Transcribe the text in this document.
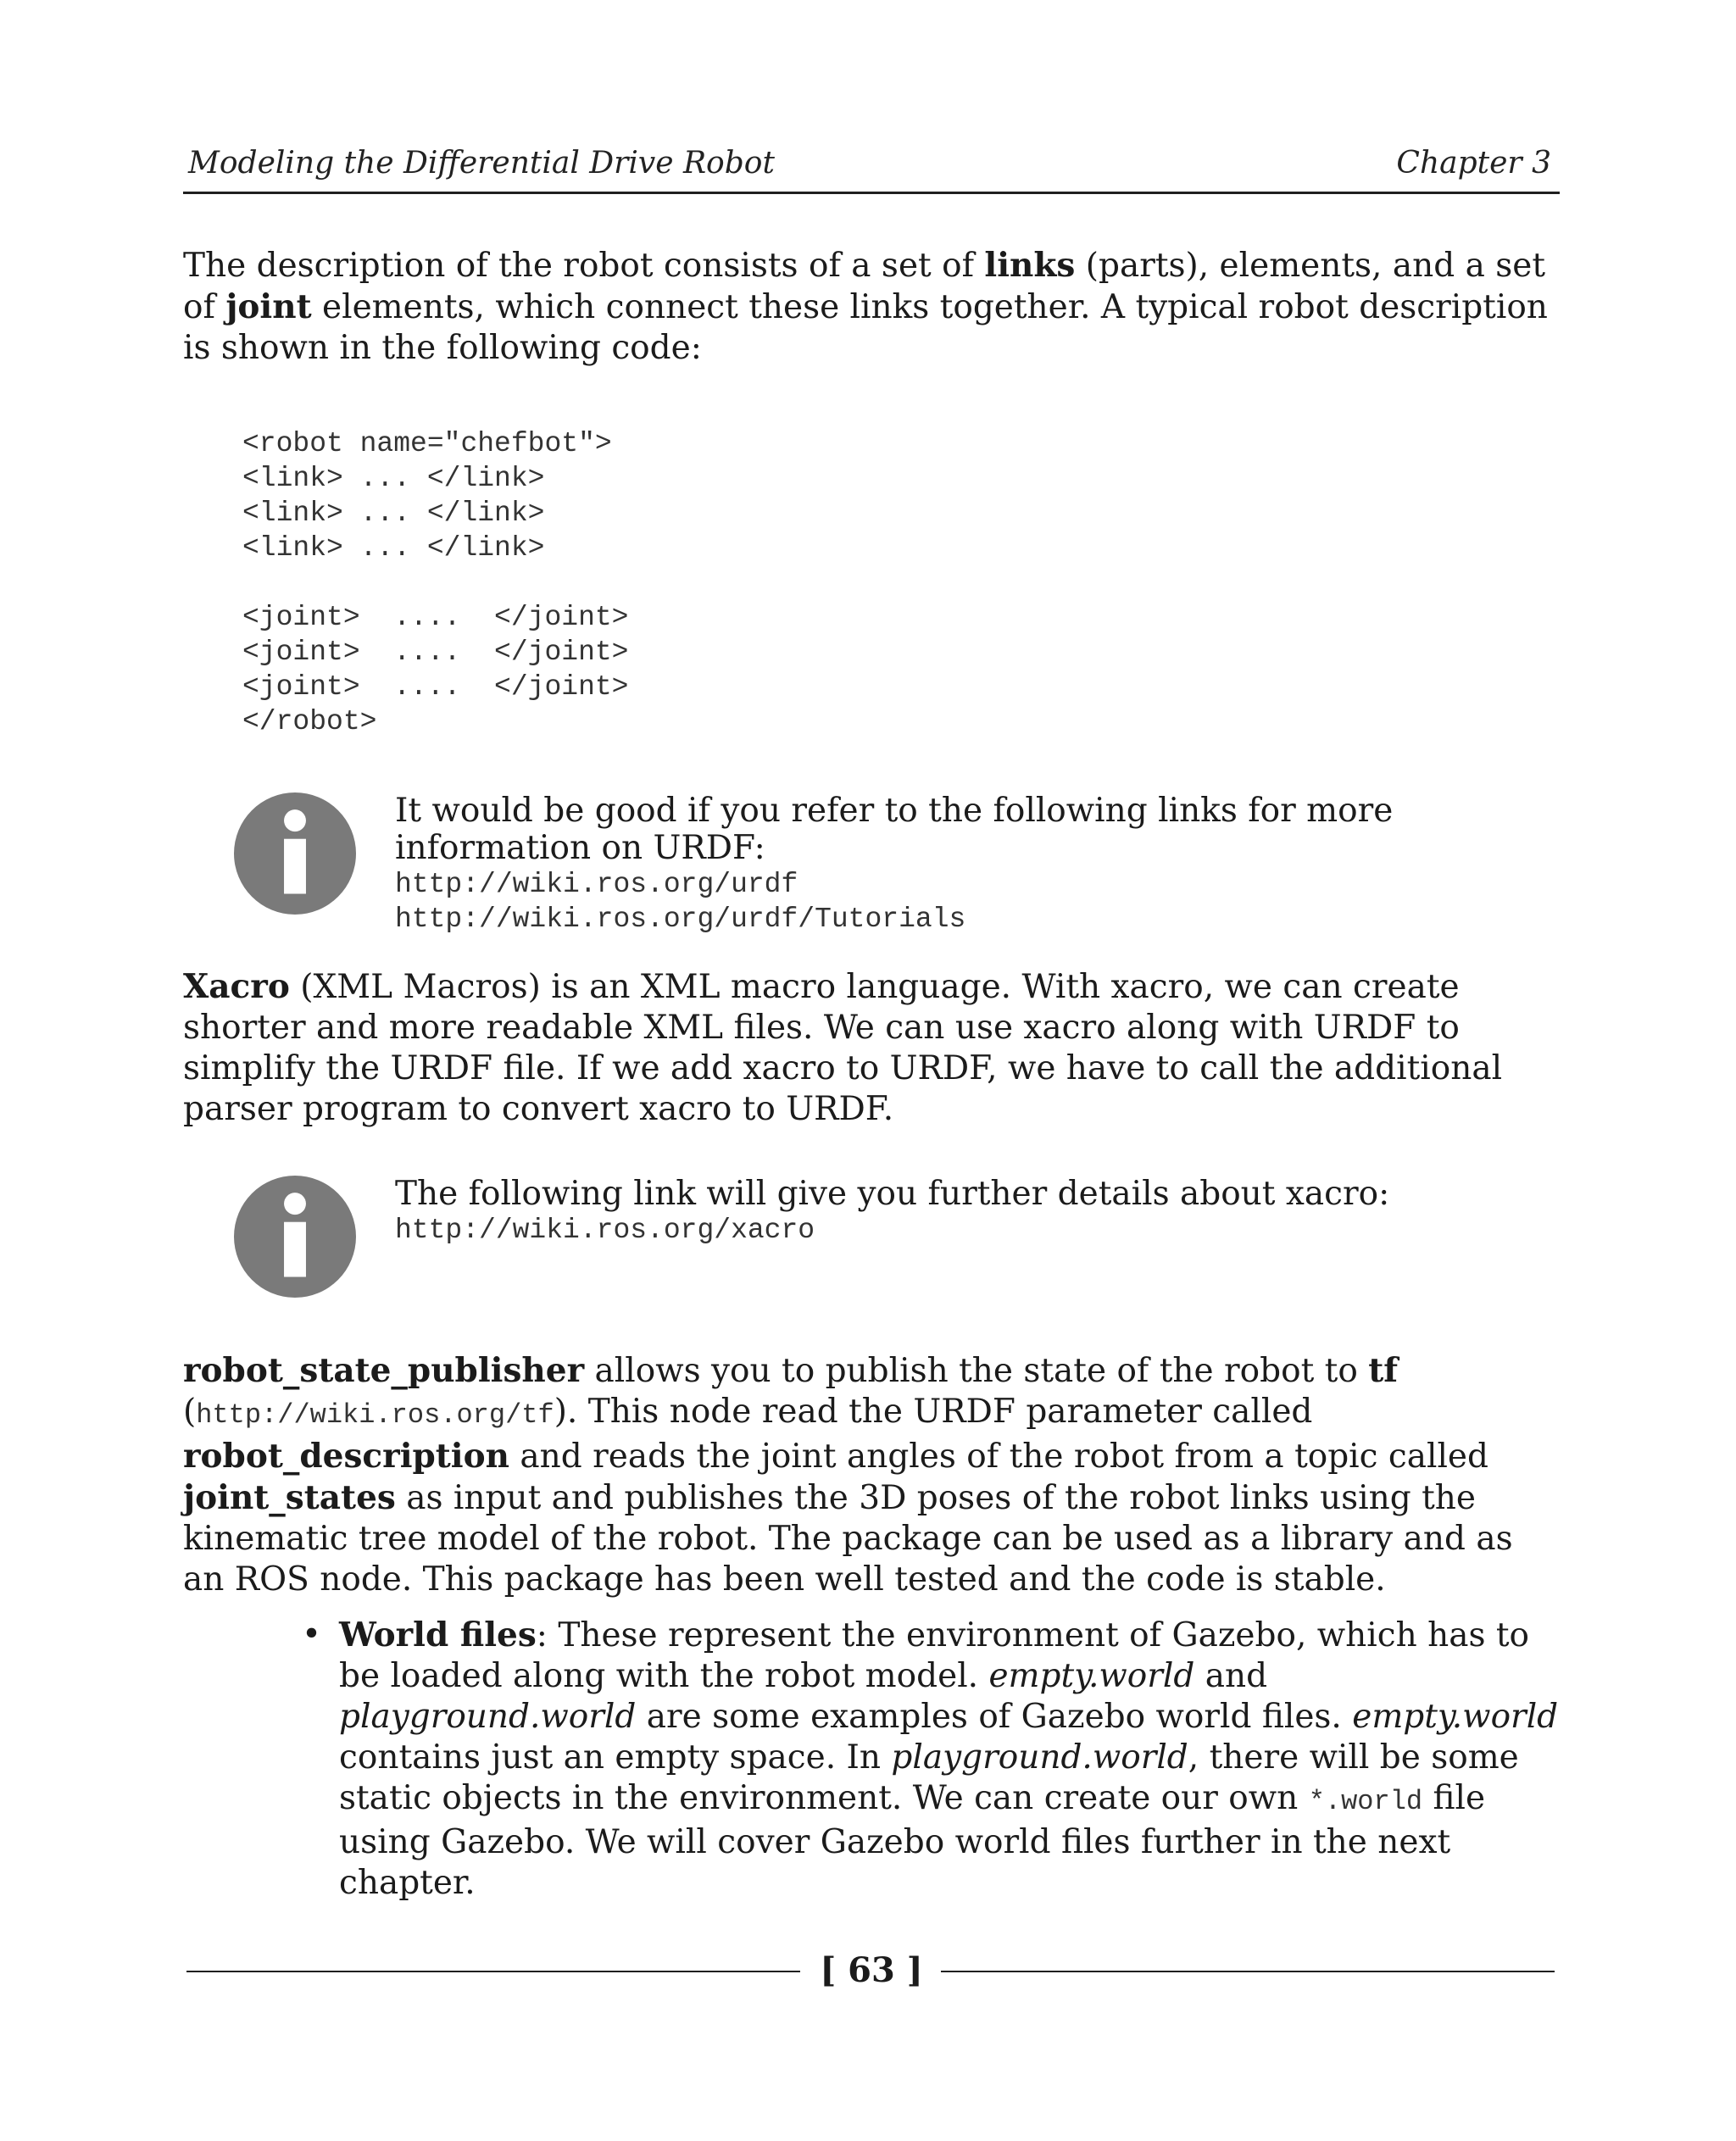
Modeling the Differential Drive Robot	Chapter 3

The description of the robot consists of a set of links (parts), elements, and a set of joint elements, which connect these links together. A typical robot description is shown in the following code:

<robot name="chefbot">
<link> ... </link>
<link> ... </link>
<link> ... </link>

<joint>  ....  </joint>
<joint>  ....  </joint>
<joint>  ....  </joint>
</robot>

It would be good if you refer to the following links for more information on URDF:

http://wiki.ros.org/urdf
http://wiki.ros.org/urdf/Tutorials

Xacro (XML Macros) is an XML macro language. With xacro, we can create shorter and more readable XML files. We can use xacro along with URDF to simplify the URDF file. If we add xacro to URDF, we have to call the additional parser program to convert xacro to URDF.

The following link will give you further details about xacro:

http://wiki.ros.org/xacro

robot_state_publisher allows you to publish the state of the robot to tf (http://wiki.ros.org/tf). This node read the URDF parameter called robot_description and reads the joint angles of the robot from a topic called joint_states as input and publishes the 3D poses of the robot links using the kinematic tree model of the robot. The package can be used as a library and as an ROS node. This package has been well tested and the code is stable.

• World files: These represent the environment of Gazebo, which has to be loaded along with the robot model. empty.world and playground.world are some examples of Gazebo world files. empty.world contains just an empty space. In playground.world, there will be some static objects in the environment. We can create our own *.world file using Gazebo. We will cover Gazebo world files further in the next chapter.

[ 63 ]
